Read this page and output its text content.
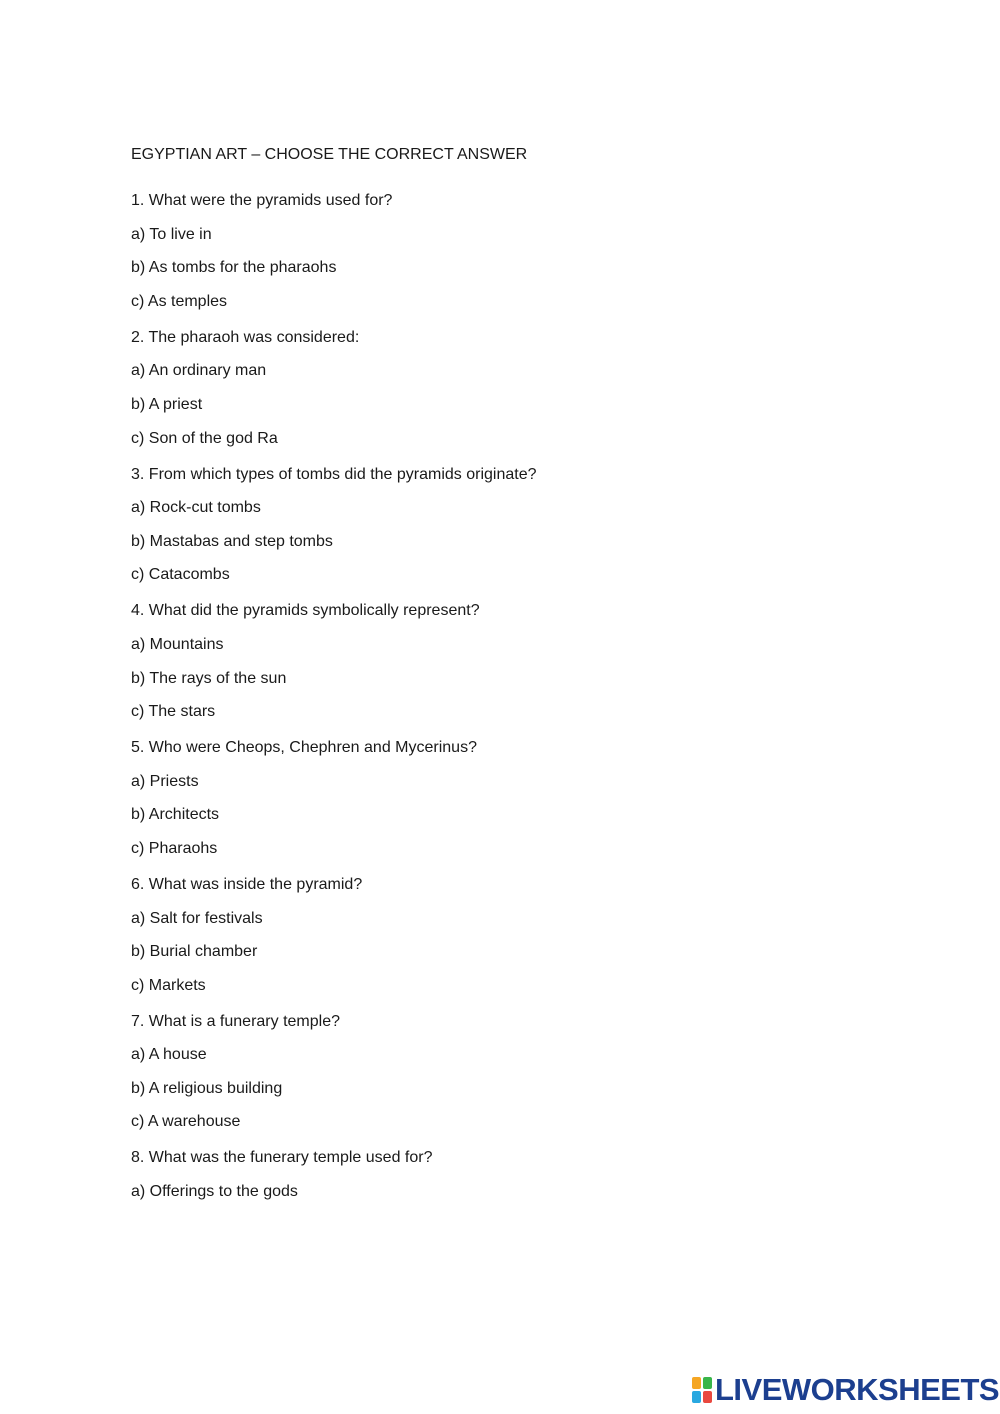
EGYPTIAN ART – CHOOSE THE CORRECT ANSWER

1. What were the pyramids used for?

a) To live in
b) As tombs for the pharaohs
c) As temples

2. The pharaoh was considered:

a) An ordinary man
b) A priest
c) Son of the god Ra

3. From which types of tombs did the pyramids originate?

a) Rock-cut tombs
b) Mastabas and step tombs
c) Catacombs

4. What did the pyramids symbolically represent?

a) Mountains
b) The rays of the sun
c) The stars

5. Who were Cheops, Chephren and Mycerinus?

a) Priests
b) Architects
c) Pharaohs

6. What was inside the pyramid?

a) Salt for festivals
b) Burial chamber
c) Markets

7. What is a funerary temple?

a) A house
b) A religious building
c) A warehouse

8. What was the funerary temple used for?

a) Offerings to the gods
LIVEWORKSHEETS
